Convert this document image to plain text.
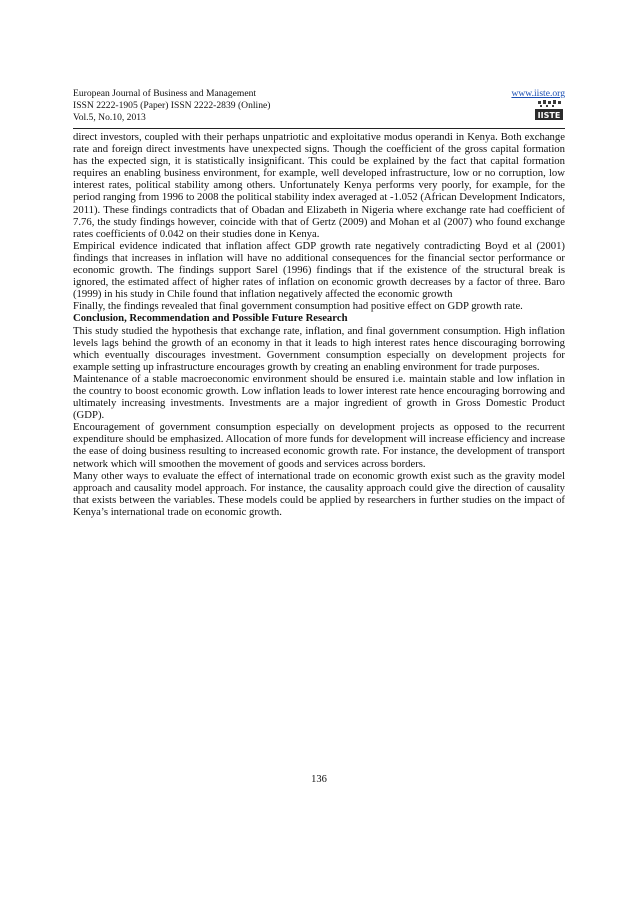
European Journal of Business and Management
ISSN 2222-1905 (Paper) ISSN 2222-2839 (Online)
Vol.5, No.10, 2013
www.iiste.org
IISTE

direct investors, coupled with their perhaps unpatriotic and exploitative modus operandi in Kenya. Both exchange rate and foreign direct investments have unexpected signs. Though the coefficient of the gross capital formation has the expected sign, it is statistically insignificant. This could be explained by the fact that capital formation requires an enabling business environment, for example, well developed infrastructure, low or no corruption, low interest rates, political stability among others. Unfortunately Kenya performs very poorly, for example, for the period ranging from 1996 to 2008 the political stability index averaged at -1.052 (African Development Indicators, 2011). These findings contradicts that of Obadan and Elizabeth in Nigeria where exchange rate had coefficient of 7.76, the study findings however, coincide with that of Gertz (2009) and Mohan et al (2007) who found exchange rates coefficients of 0.042 on their studies done in Kenya.

Empirical evidence indicated that inflation affect GDP growth rate negatively contradicting Boyd et al (2001) findings that increases in inflation will have no additional consequences for the financial sector performance or economic growth. The findings support Sarel (1996) findings that if the existence of the structural break is ignored, the estimated affect of higher rates of inflation on economic growth decreases by a factor of three. Baro (1999) in his study in Chile found that inflation negatively affected the economic growth

Finally, the findings revealed that final government consumption had positive effect on GDP growth rate.

Conclusion, Recommendation and Possible Future Research

This study studied the hypothesis that exchange rate, inflation, and final government consumption. High inflation levels lags behind the growth of an economy in that it leads to high interest rates hence discouraging borrowing which eventually discourages investment. Government consumption especially on development projects for example setting up infrastructure encourages growth by creating an enabling environment for trade purposes.

Maintenance of a stable macroeconomic environment should be ensured i.e. maintain stable and low inflation in the country to boost economic growth. Low inflation leads to lower interest rate hence encouraging borrowing and ultimately increasing investments. Investments are a major ingredient of growth in Gross Domestic Product (GDP).

Encouragement of government consumption especially on development projects as opposed to the recurrent expenditure should be emphasized. Allocation of more funds for development will increase efficiency and increase the ease of doing business resulting to increased economic growth rate. For instance, the development of transport network which will smoothen the movement of goods and services across borders.

Many other ways to evaluate the effect of international trade on economic growth exist such as the gravity model approach and causality model approach. For instance, the causality approach could give the direction of causality that exists between the variables. These models could be applied by researchers in further studies on the impact of Kenya’s international trade on economic growth.

136
